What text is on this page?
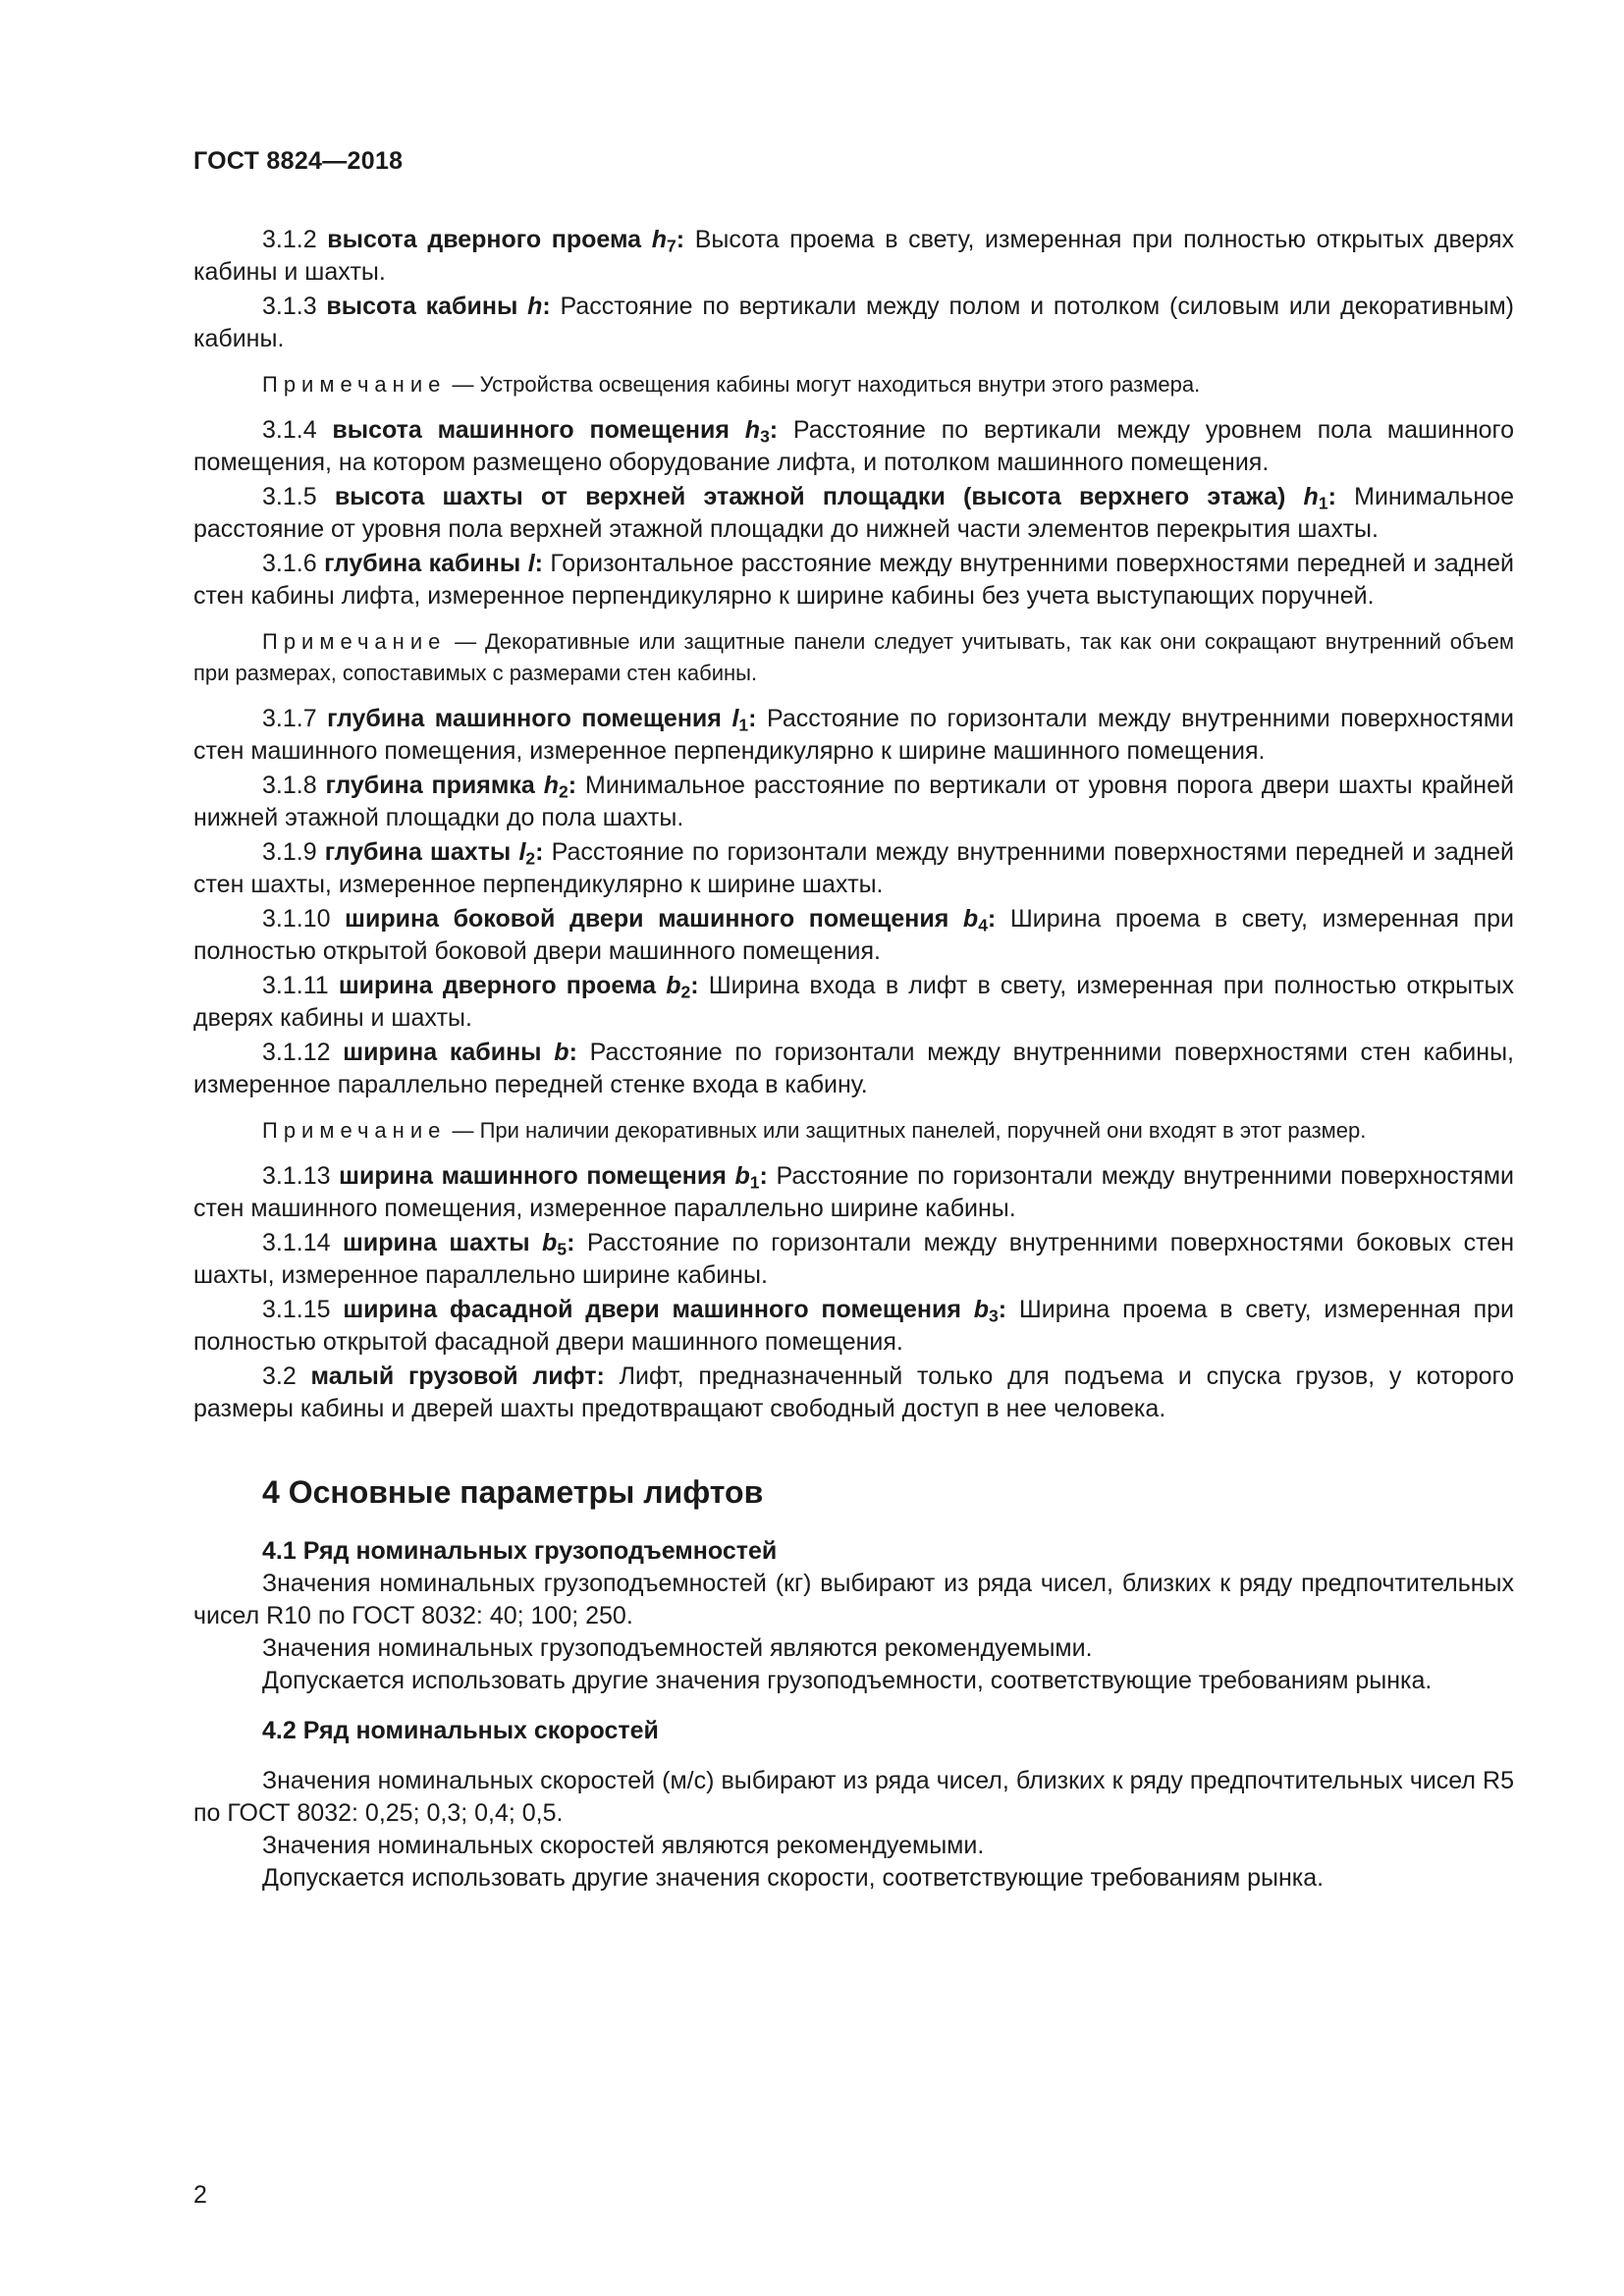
ГОСТ 8824—2018

3.1.2 высота дверного проема $h_7$: Высота проема в свету, измеренная при полностью открытых дверях кабины и шахты.

3.1.3 высота кабины h: Расстояние по вертикали между полом и потолком (силовым или декоративным) кабины.

Примечание — Устройства освещения кабины могут находиться внутри этого размера.

3.1.4 высота машинного помещения $h_3$: Расстояние по вертикали между уровнем пола машинного помещения, на котором размещено оборудование лифта, и потолком машинного помещения.

3.1.5 высота шахты от верхней этажной площадки (высота верхнего этажа) $h_1$: Минимальное расстояние от уровня пола верхней этажной площадки до нижней части элементов перекрытия шахты.

3.1.6 глубина кабины l: Горизонтальное расстояние между внутренними поверхностями передней и задней стен кабины лифта, измеренное перпендикулярно к ширине кабины без учета выступающих поручней.

Примечание — Декоративные или защитные панели следует учитывать, так как они сокращают внутренний объем при размерах, сопоставимых с размерами стен кабины.

3.1.7 глубина машинного помещения $l_1$: Расстояние по горизонтали между внутренними поверхностями стен машинного помещения, измеренное перпендикулярно к ширине машинного помещения.

3.1.8 глубина приямка $h_2$: Минимальное расстояние по вертикали от уровня порога двери шахты крайней нижней этажной площадки до пола шахты.

3.1.9 глубина шахты $l_2$: Расстояние по горизонтали между внутренними поверхностями передней и задней стен шахты, измеренное перпендикулярно к ширине шахты.

3.1.10 ширина боковой двери машинного помещения $b_4$: Ширина проема в свету, измеренная при полностью открытой боковой двери машинного помещения.

3.1.11 ширина дверного проема $b_2$: Ширина входа в лифт в свету, измеренная при полностью открытых дверях кабины и шахты.

3.1.12 ширина кабины b: Расстояние по горизонтали между внутренними поверхностями стен кабины, измеренное параллельно передней стенке входа в кабину.

Примечание — При наличии декоративных или защитных панелей, поручней они входят в этот размер.

3.1.13 ширина машинного помещения $b_1$: Расстояние по горизонтали между внутренними поверхностями стен машинного помещения, измеренное параллельно ширине кабины.

3.1.14 ширина шахты $b_5$: Расстояние по горизонтали между внутренними поверхностями боковых стен шахты, измеренное параллельно ширине кабины.

3.1.15 ширина фасадной двери машинного помещения $b_3$: Ширина проема в свету, измеренная при полностью открытой фасадной двери машинного помещения.

3.2 малый грузовой лифт: Лифт, предназначенный только для подъема и спуска грузов, у которого размеры кабины и дверей шахты предотвращают свободный доступ в нее человека.

4 Основные параметры лифтов
4.1 Ряд номинальных грузоподъемностей

Значения номинальных грузоподъемностей (кг) выбирают из ряда чисел, близких к ряду предпочтительных чисел R10 по ГОСТ 8032: 40; 100; 250.

Значения номинальных грузоподъемностей являются рекомендуемыми.

Допускается использовать другие значения грузоподъемности, соответствующие требованиям рынка.

4.2 Ряд номинальных скоростей

Значения номинальных скоростей (м/с) выбирают из ряда чисел, близких к ряду предпочтительных чисел R5 по ГОСТ 8032: 0,25; 0,3; 0,4; 0,5.

Значения номинальных скоростей являются рекомендуемыми.

Допускается использовать другие значения скорости, соответствующие требованиям рынка.

2
